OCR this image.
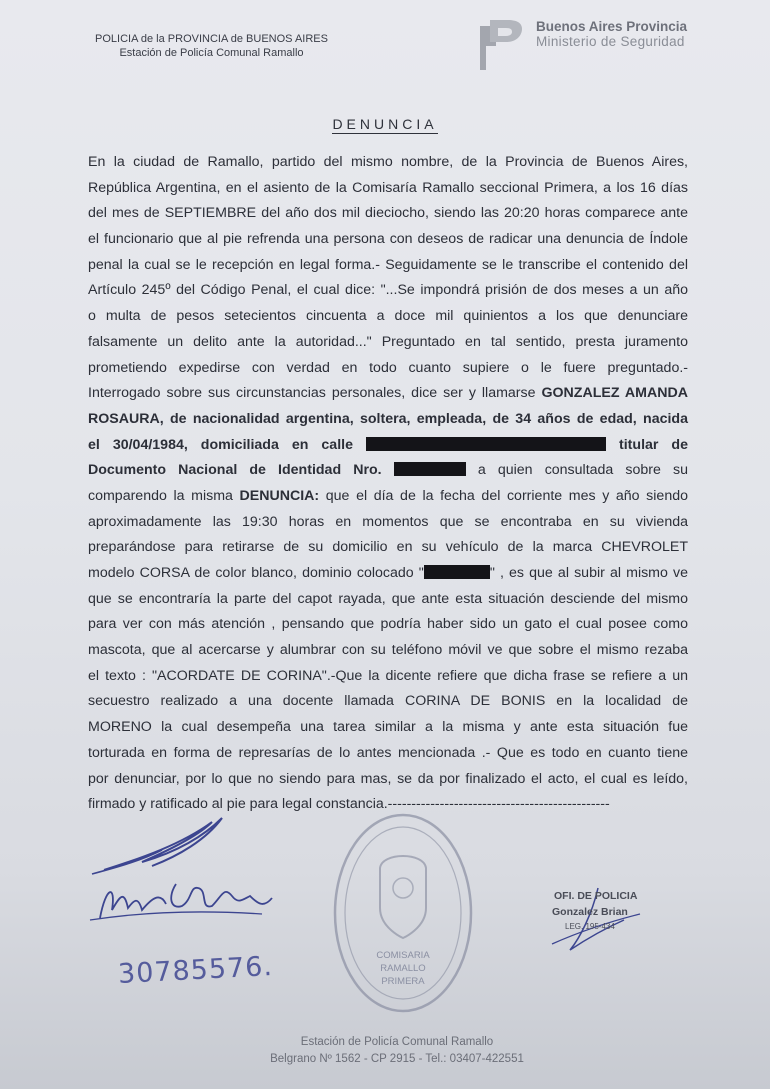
POLICIA de la PROVINCIA de BUENOS AIRES
Estación de Policía Comunal Ramallo
Buenos Aires Provincia
Ministerio de Seguridad
DENUNCIA
En la ciudad de Ramallo, partido del mismo nombre, de la Provincia de Buenos Aires,
República Argentina, en el asiento de la Comisaría Ramallo seccional Primera, a los 16 días
del mes de SEPTIEMBRE del año dos mil dieciocho, siendo las 20:20 horas comparece ante
el funcionario que al pie refrenda una persona con deseos de radicar una denuncia de Índole
penal la cual se le recepción en legal forma.- Seguidamente se le transcribe el contenido del
Artículo 245º del Código Penal, el cual dice: "...Se impondrá prisión de dos meses a un año
o multa de pesos setecientos cincuenta a doce mil quinientos a los que denunciare
falsamente un delito ante la autoridad..." Preguntado en tal sentido, presta juramento
prometiendo expedirse con verdad en todo cuanto supiere o le fuere preguntado.-
Interrogado sobre sus circunstancias personales, dice ser y llamarse GONZALEZ AMANDA
ROSAURA, de nacionalidad argentina, soltera, empleada, de 34 años de edad, nacida
el 30/04/1984, domiciliada en calle	titular de
Documento Nacional de Identidad Nro.	a quien consultada sobre su
comparendo la misma DENUNCIA: que el día de la fecha del corriente mes y año siendo
aproximadamente las 19:30 horas en momentos que se encontraba en su vivienda
preparándose para retirarse de su domicilio en su vehículo de la marca CHEVROLET
modelo CORSA de color blanco, dominio colocado "	" , es que al subir al mismo ve
que se encontraría la parte del capot rayada, que ante esta situación desciende del mismo
para ver con más atención , pensando que podría haber sido un gato el cual posee como
mascota, que al acercarse y alumbrar con su teléfono móvil ve que sobre el mismo rezaba
el texto : "ACORDATE DE CORINA".-Que la dicente refiere que dicha frase se refiere a un
secuestro realizado a una docente llamada CORINA DE BONIS en la localidad de
MORENO la cual desempeña una tarea similar a la misma y ante esta situación fue
torturada en forma de represarías de lo antes mencionada .- Que es todo en cuanto tiene
por denunciar, por lo que no siendo para mas, se da por finalizado el acto, el cual es leído,
firmado y ratificado al pie para legal constancia.-----------------------------------------------
30785576.	COMISARIA
RAMALLO
PRIMERA
OFI. DE POLICIA
Gonzalez Brian
LEG. 195-434
Estación de Policía Comunal Ramallo
Belgrano Nº 1562 - CP 2915 - Tel.: 03407-422551
